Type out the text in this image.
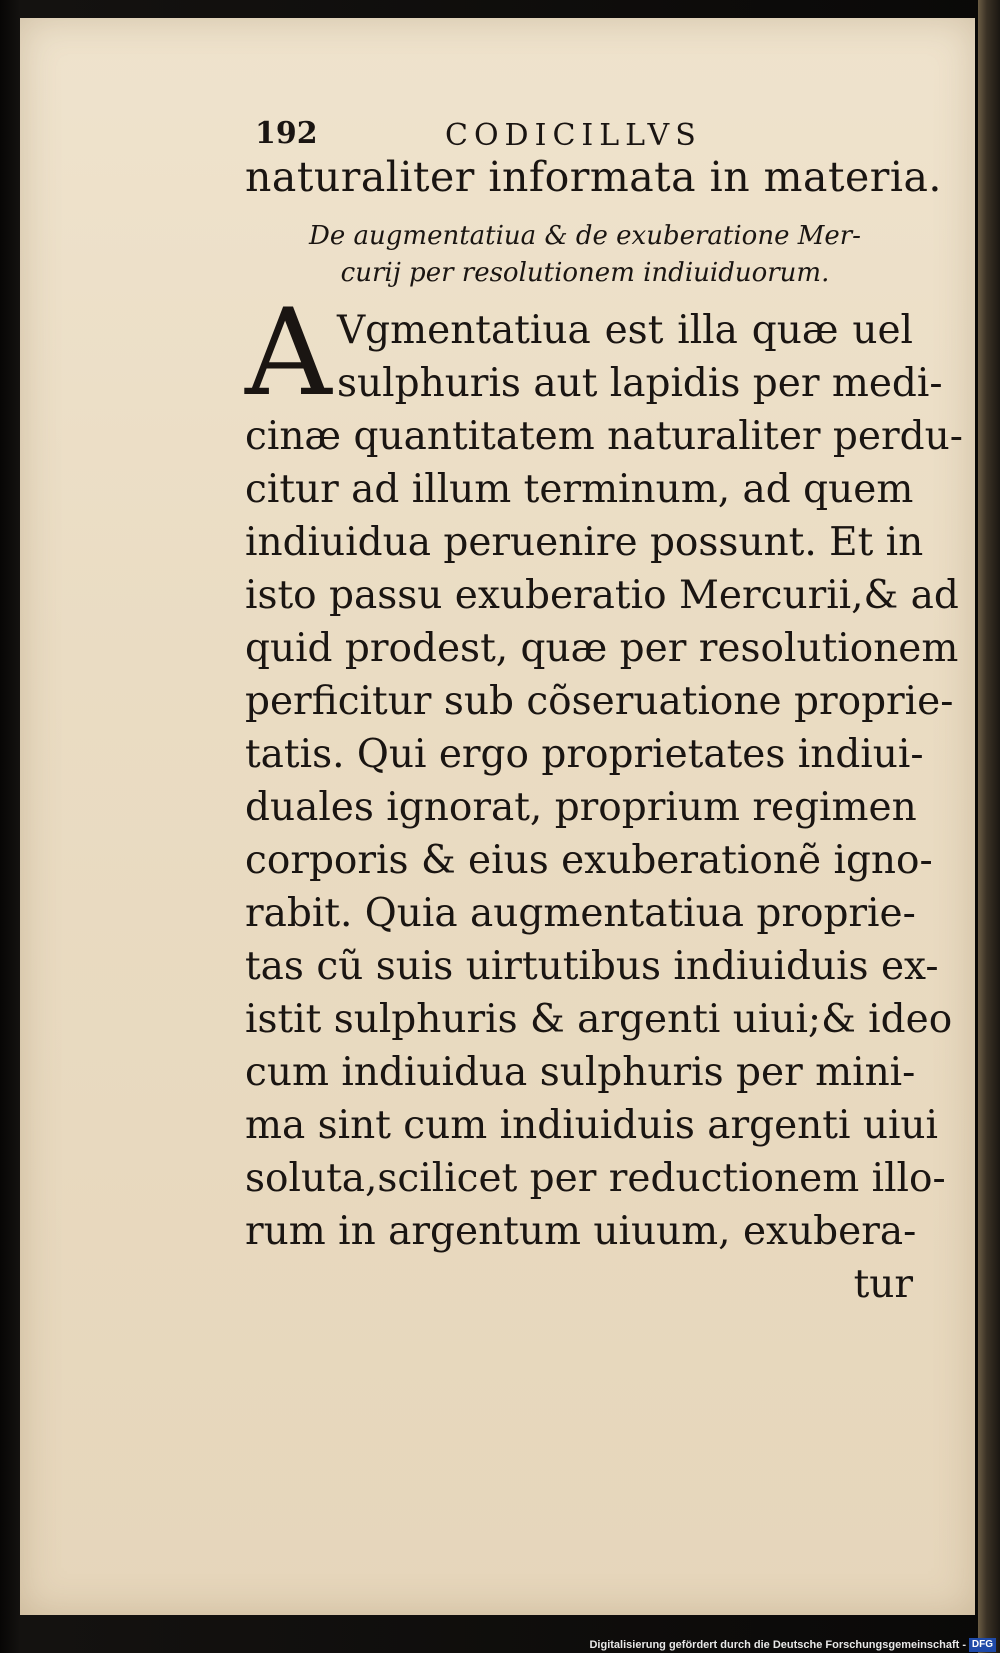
192	CODICILLVS
naturaliter informata in materia.
De augmentatiua & de exuberatione Mer-
curij per resolutionem indiuiduorum.
A Vgmentatiua est illa quæ uel
sulphuris aut lapidis per medi-
cinæ quantitatem naturaliter perdu-
citur ad illum terminum, ad quem
indiuidua peruenire possunt. Et in
isto passu exuberatio Mercurii,& ad
quid prodest, quæ per resolutionem
perficitur sub cõseruatione proprie-
tatis. Qui ergo proprietates indiui-
duales ignorat, proprium regimen
corporis & eius exuberationẽ igno-
rabit. Quia augmentatiua proprie-
tas cũ suis uirtutibus indiuiduis ex-
istit sulphuris & argenti uiui;& ideo
cum indiuidua sulphuris per mini-
ma sint cum indiuiduis argenti uiui
soluta,scilicet per reductionem illo-
rum in argentum uiuum, exubera-
tur
Digitalisierung gefördert durch die Deutsche Forschungsgemeinschaft - DFG
